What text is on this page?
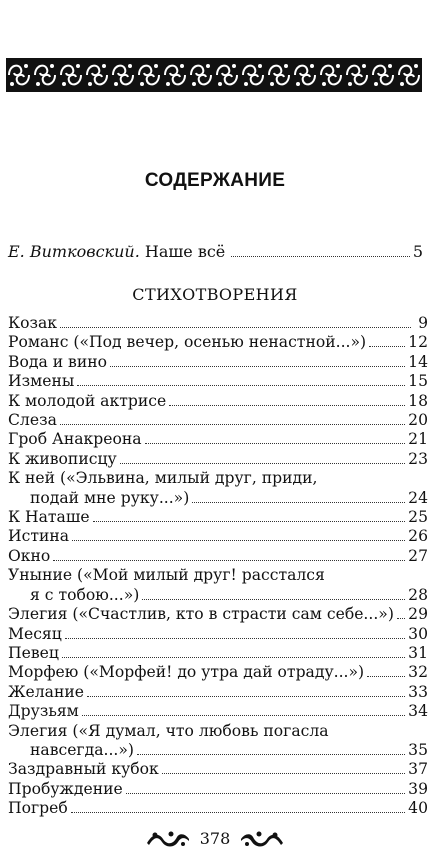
СОДЕРЖАНИЕ
Е. Витковский.
Наше всё	5
СТИХОТВОРЕНИЯ
Козак	9
Романс («Под вечер, осенью ненастной...»)	12
Вода и вино	14
Измены	15
К молодой актрисе	18
Слеза	20
Гроб Анакреона	21
К живописцу	23
К ней («Эльвина, милый друг, приди,
подай мне руку...»)	24
К Наташе	25
Истина	26
Окно	27
Уныние («Мой милый друг! расстался
я с тобою...»)	28
Элегия («Счастлив, кто в страсти сам себе...») 29
Месяц	30
Певец	31
Морфею («Морфей! до утра дай отраду...»)	32
Желание	33
Друзьям	34
Элегия («Я думал, что любовь погасла
навсегда...»)	35
Заздравный кубок	37
Пробуждение	39
Погреб	40
378
